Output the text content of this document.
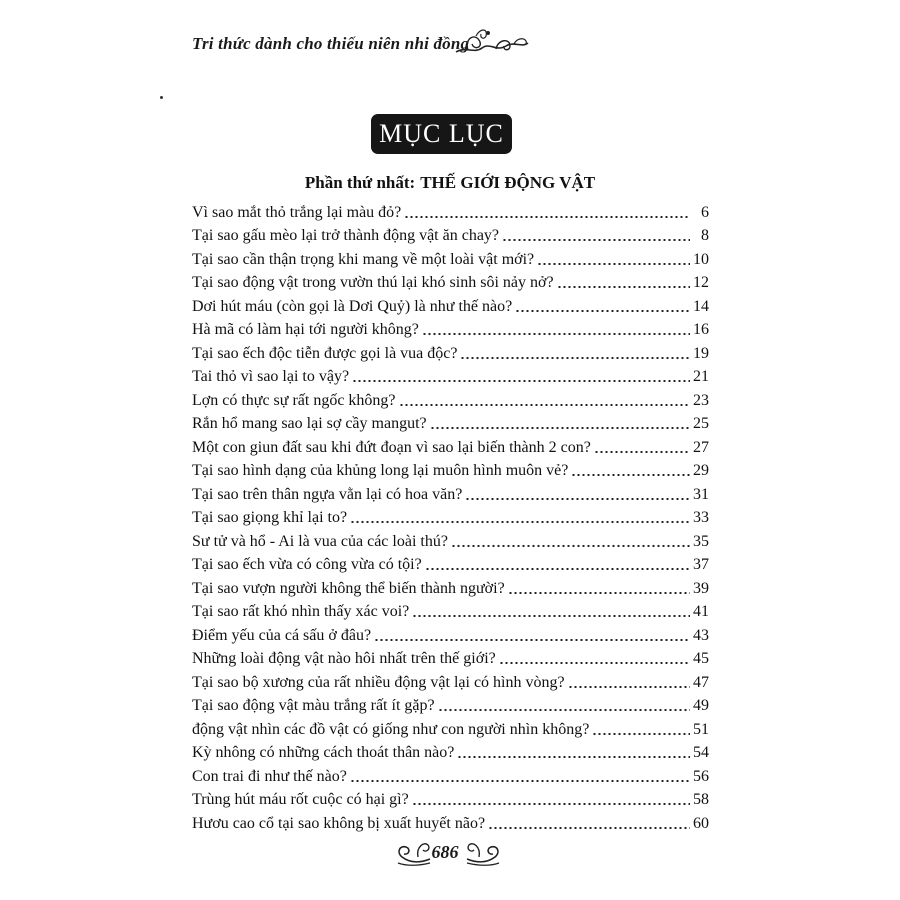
Tri thức dành cho thiếu niên nhi đồng
MỤC LỤC
Phần thứ nhất: THẾ GIỚI ĐỘNG VẬT
Vì sao mắt thỏ trắng lại màu đỏ?	6
Tại sao gấu mèo lại trở thành động vật ăn chay?	8
Tại sao cần thận trọng khi mang về một loài vật mới?	10
Tại sao động vật trong vườn thú lại khó sinh sôi nảy nở?	12
Dơi hút máu (còn gọi là Dơi Quỷ) là như thế nào?	14
Hà mã có làm hại tới người không?	16
Tại sao ếch độc tiễn được gọi là vua độc?	19
Tai thỏ vì sao lại to vậy?	21
Lợn có thực sự rất ngốc không?	23
Rắn hổ mang sao lại sợ cầy mangut?	25
Một con giun đất sau khi đứt đoạn vì sao lại biến thành 2 con?	27
Tại sao hình dạng của khủng long lại muôn hình muôn vẻ?	29
Tại sao trên thân ngựa vằn lại có hoa văn?	31
Tại sao giọng khỉ lại to?	33
Sư tử và hổ - Ai là vua của các loài thú?	35
Tại sao ếch vừa có công vừa có tội?	37
Tại sao vượn người không thể biến thành người?	39
Tại sao rất khó nhìn thấy xác voi?	41
Điểm yếu của cá sấu ở đâu?	43
Những loài động vật nào hôi nhất trên thế giới?	45
Tại sao bộ xương của rất nhiều động vật lại có hình vòng?	47
Tại sao động vật màu trắng rất ít gặp?	49
động vật nhìn các đồ vật có giống như con người nhìn không?	51
Kỳ nhông có những cách thoát thân nào?	54
Con trai đi như thế nào?	56
Trùng hút máu rốt cuộc có hại gì?	58
Hươu cao cổ tại sao không bị xuất huyết não?	60
686
